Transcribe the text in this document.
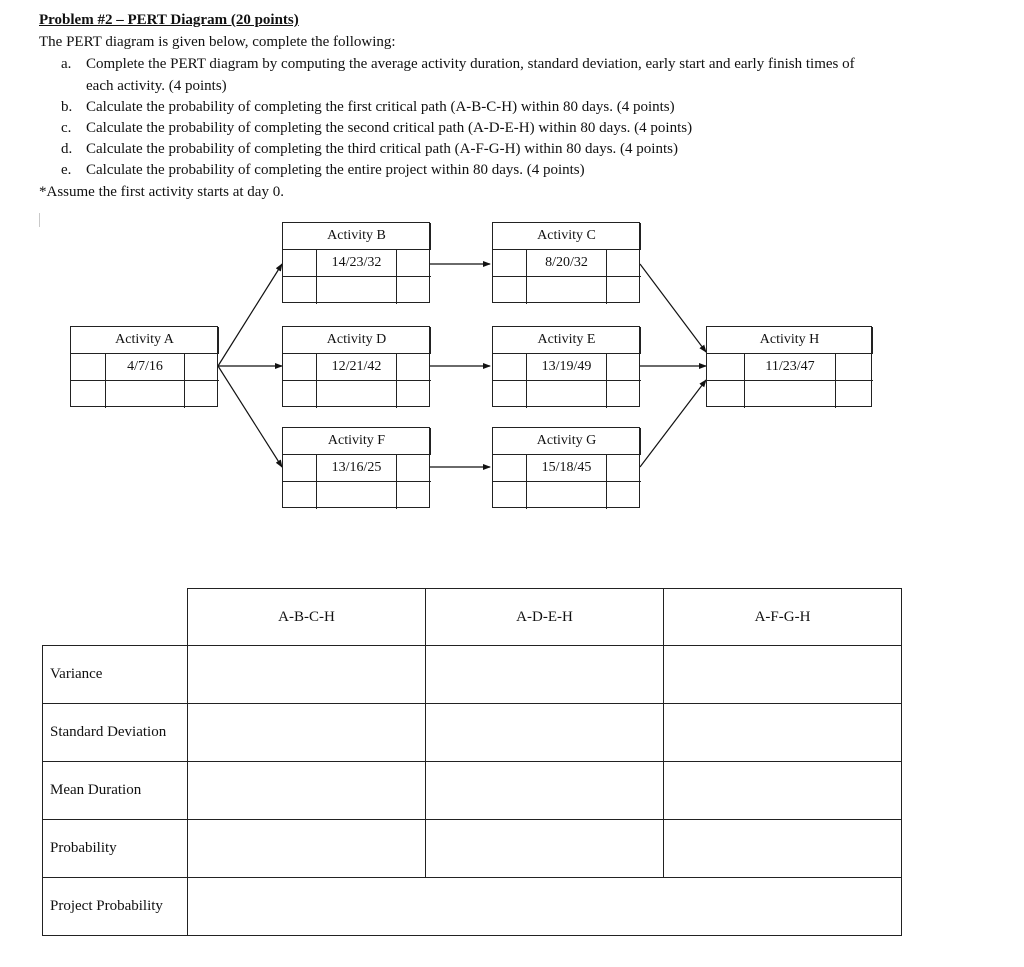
Problem #2 – PERT Diagram (20 points)
The PERT diagram is given below, complete the following:
a. Complete the PERT diagram by computing the average activity duration, standard deviation, early start and early finish times of
each activity. (4 points)
b. Calculate the probability of completing the first critical path (A-B-C-H) within 80 days. (4 points)
c. Calculate the probability of completing the second critical path (A-D-E-H) within 80 days. (4 points)
d. Calculate the probability of completing the third critical path (A-F-G-H) within 80 days. (4 points)
e. Calculate the probability of completing the entire project within 80 days. (4 points)
*Assume the first activity starts at day 0.
Activity A
4/7/16
Activity B
14/23/32
Activity C
8/20/32
Activity D
12/21/42
Activity E
13/19/49
Activity F
13/16/25
Activity G
15/18/45
Activity H
11/23/47
	A-B-C-H	A-D-E-H	A-F-G-H
Variance			
Standard Deviation			
Mean Duration			
Probability			
Project Probability			
